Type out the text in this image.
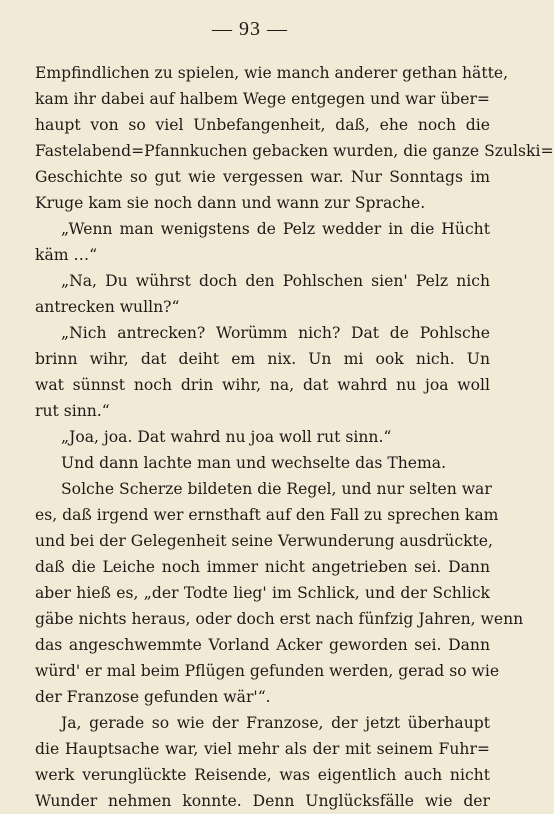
— 93 —
Empfindlichen zu spielen, wie manch anderer gethan hätte,
kam ihr dabei auf halbem Wege entgegen und war über=
haupt von so viel Unbefangenheit, daß, ehe noch die
Fastelabend=Pfannkuchen gebacken wurden, die ganze Szulski=
Geschichte so gut wie vergessen war. Nur Sonntags im
Kruge kam sie noch dann und wann zur Sprache.
„Wenn man wenigstens de Pelz wedder in die Hücht
käm …“
„Na, Du wührst doch den Pohlschen sien' Pelz nich
antrecken wulln?“
„Nich antrecken? Worümm nich? Dat de Pohlsche
brinn wihr, dat deiht em nix. Un mi ook nich. Un
wat sünnst noch drin wihr, na, dat wahrd nu joa woll
rut sinn.“
„Joa, joa. Dat wahrd nu joa woll rut sinn.“
Und dann lachte man und wechselte das Thema.
Solche Scherze bildeten die Regel, und nur selten war
es, daß irgend wer ernsthaft auf den Fall zu sprechen kam
und bei der Gelegenheit seine Verwunderung ausdrückte,
daß die Leiche noch immer nicht angetrieben sei. Dann
aber hieß es, „der Todte lieg' im Schlick, und der Schlick
gäbe nichts heraus, oder doch erst nach fünfzig Jahren, wenn
das angeschwemmte Vorland Acker geworden sei. Dann
würd' er mal beim Pflügen gefunden werden, gerad so wie
der Franzose gefunden wär'“.
Ja, gerade so wie der Franzose, der jetzt überhaupt
die Hauptsache war, viel mehr als der mit seinem Fuhr=
werk verunglückte Reisende, was eigentlich auch nicht
Wunder nehmen konnte. Denn Unglücksfälle wie der
